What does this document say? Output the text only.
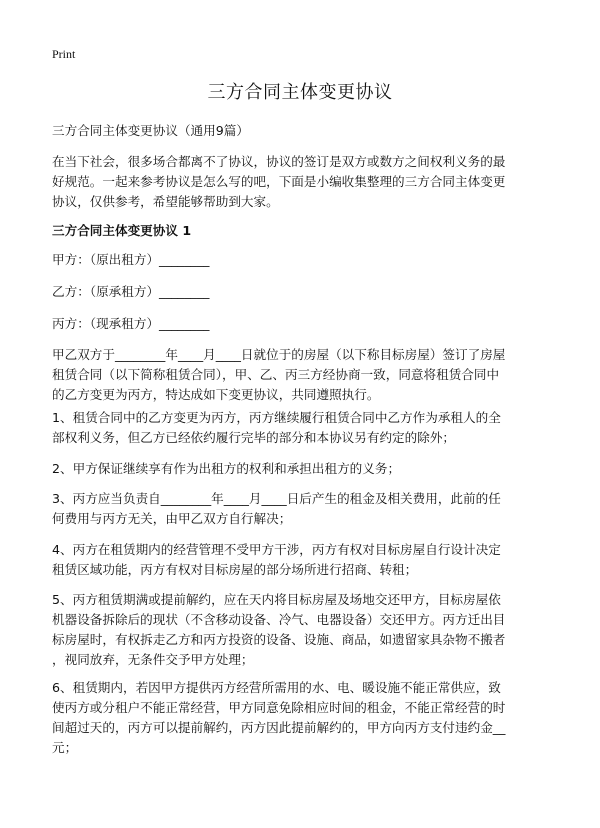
Print
三方合同主体变更协议
三方合同主体变更协议（通用9篇）
在当下社会，很多场合都离不了协议，协议的签订是双方或数方之间权利义务的最
好规范。一起来参考协议是怎么写的吧，下面是小编收集整理的三方合同主体变更
协议，仅供参考，希望能够帮助到大家。
三方合同主体变更协议 1
甲方：（原出租方）________
乙方：（原承租方）________
丙方：（现承租方）________
甲乙双方于________年____月____日就位于的房屋（以下称目标房屋）签订了房屋
租赁合同（以下简称租赁合同），甲、乙、丙三方经协商一致，同意将租赁合同中
的乙方变更为丙方，特达成如下变更协议，共同遵照执行。
1、租赁合同中的乙方变更为丙方，丙方继续履行租赁合同中乙方作为承租人的全
部权利义务，但乙方已经依约履行完毕的部分和本协议另有约定的除外；
2、甲方保证继续享有作为出租方的权利和承担出租方的义务；
3、丙方应当负责自________年____月____日后产生的租金及相关费用，此前的任
何费用与丙方无关，由甲乙双方自行解决；
4、丙方在租赁期内的经营管理不受甲方干涉，丙方有权对目标房屋自行设计决定
租赁区域功能，丙方有权对目标房屋的部分场所进行招商、转租；
5、丙方租赁期满或提前解约，应在天内将目标房屋及场地交还甲方，目标房屋依
机器设备拆除后的现状（不含移动设备、冷气、电器设备）交还甲方。丙方迁出目
标房屋时，有权拆走乙方和丙方投资的设备、设施、商品，如遗留家具杂物不搬者
，视同放弃，无条件交予甲方处理；
6、租赁期内，若因甲方提供丙方经营所需用的水、电、暖设施不能正常供应，致
使丙方或分租户不能正常经营，甲方同意免除相应时间的租金，不能正常经营的时
间超过天的，丙方可以提前解约，丙方因此提前解约的，甲方向丙方支付违约金__
元；
